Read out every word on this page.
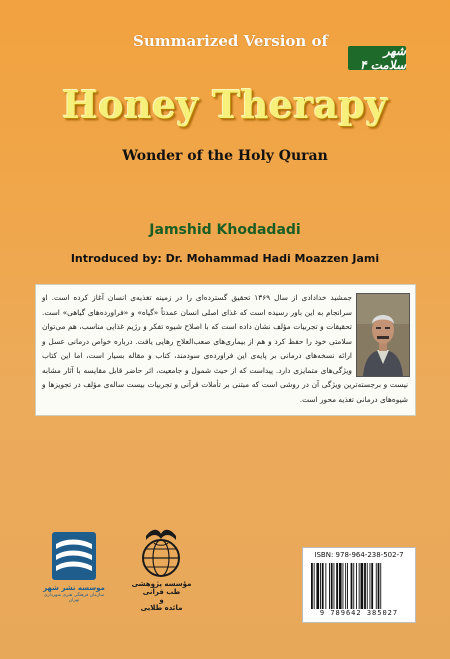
Summarized Version of
شهر سلامت ۴
Honey Therapy
Wonder of the Holy Quran
Jamshid Khodadadi
Introduced by: Dr. Mohammad Hadi Moazzen Jami
جمشید خدادادی از سال ۱۳۶۹ تحقیق گسترده‌ای را در زمینه تغذیه‌ی انسان آغاز کرده است. او سرانجام به این باور رسیده است که غذای اصلی انسان عمدتاً «گیاه» و «فراورده‌های گیاهی» است. تحقیقات و تجربیات مؤلف نشان داده است که با اصلاح شیوه تفکر و رژیم غذایی مناسب، هم می‌توان سلامتی خود را حفظ کرد و هم از بیماری‌های صعب‌العلاج رهایی یافت. درباره خواص درمانی عسل و ارائه نسخه‌های درمانی بر پایه‌ی این فراورده‌ی سودمند، کتاب و مقاله بسیار است، اما این کتاب ویژگی‌های متمایزی دارد. پیداست که از حیث شمول و جامعیت، اثر حاضر قابل مقایسه با آثار مشابه نیست و برجسته‌ترین ویژگی آن در روشی است که مبتنی بر تأملات قرآنی و تجربیات بیست ساله‌ی مؤلف در تجویزها و شیوه‌های درمانی تغذیه محور است.
موسسه نشر شهر
سازمان فرهنگی هنری شهرداری تهران
مؤسسه پژوهشی طب قرآنی
و
مائده طلایی
ISBN: 978-964-238-502-7
9 789642 385027
